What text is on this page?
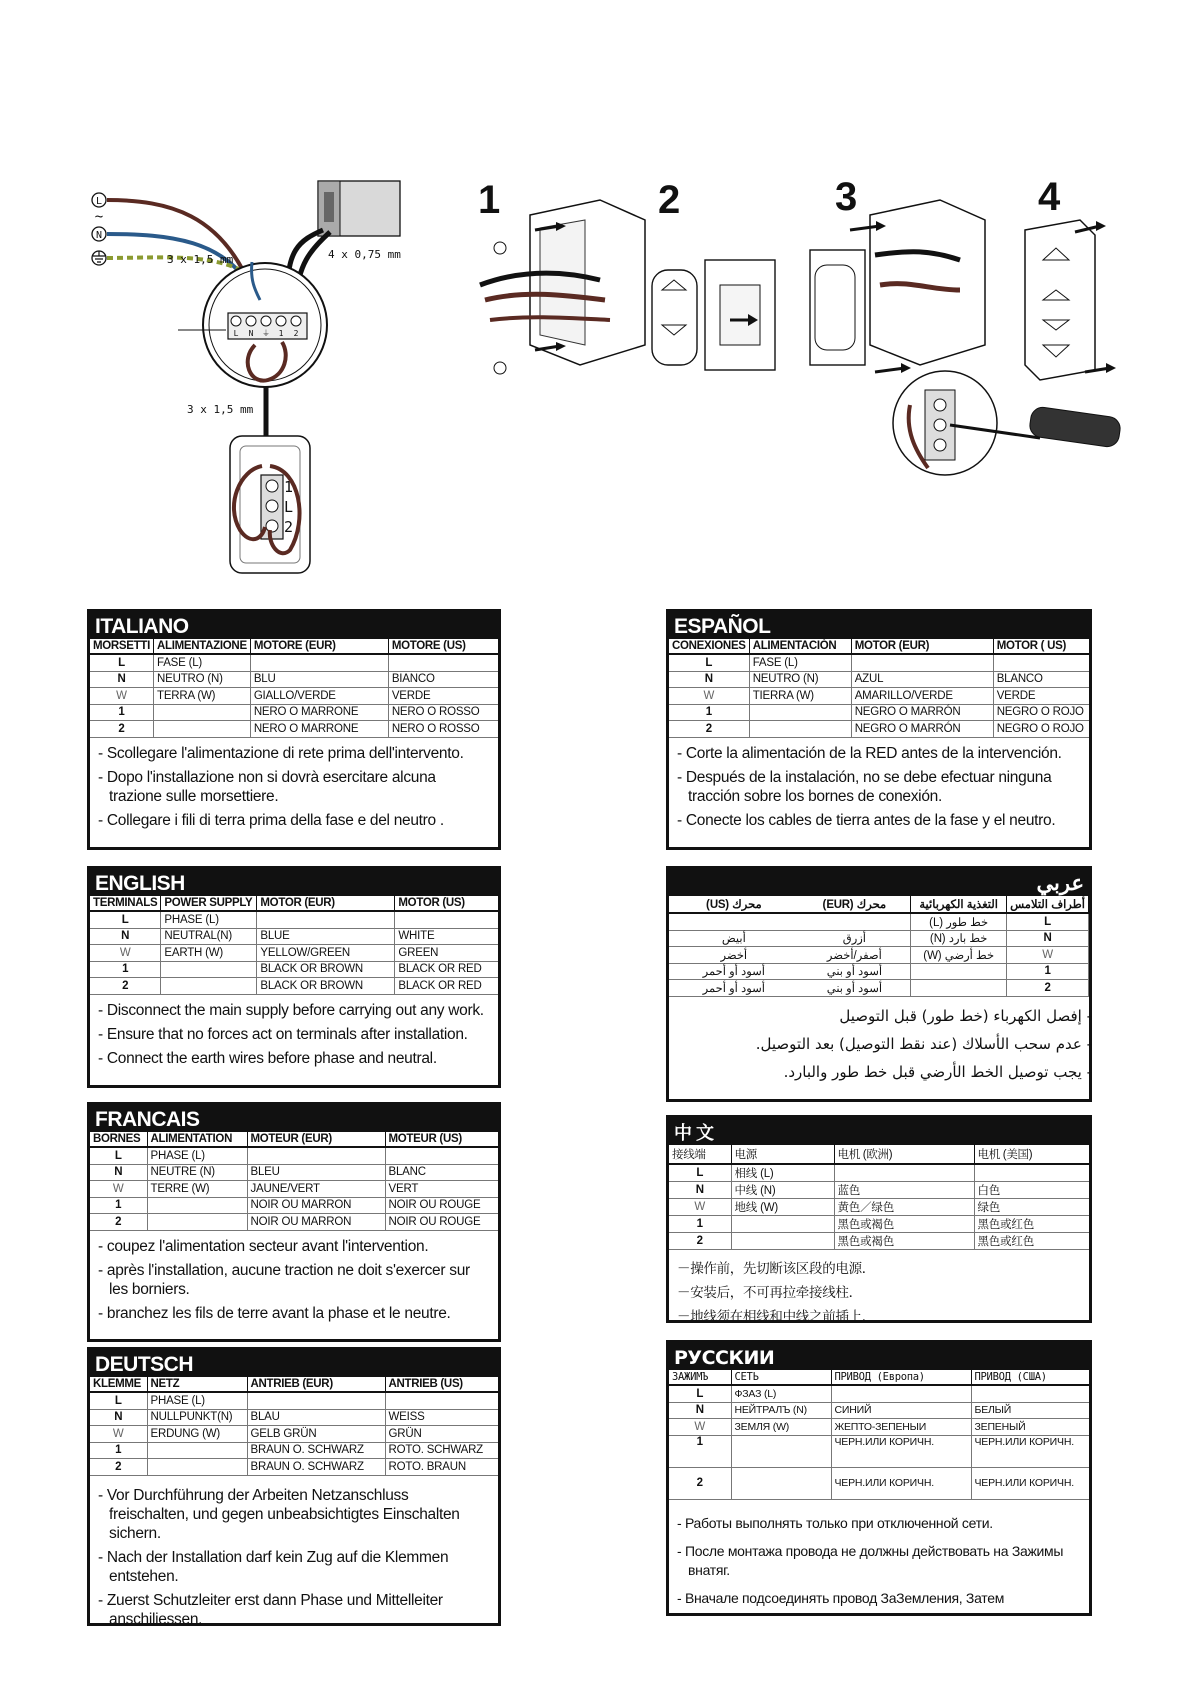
L
~
N
3 x 1,5 mm	4 x 0,75 mm
L N ⏚ 1 2
3 x 1,5 mm
1
L
2
1	2	3	4
ITALIANO
MORSETTI	ALIMENTAZIONE	MOTORE (EUR)	MOTORE (US)
L	FASE (L)		
N	NEUTRO (N)	BLU	BIANCO
W	TERRA (W)	GIALLO/VERDE	VERDE
1		NERO O MARRONE	NERO O ROSSO
2		NERO O MARRONE	NERO O ROSSO
- Scollegare l'alimentazione di rete prima dell'intervento.
- Dopo l'installazione non si dovrà esercitare alcuna trazione sulle morsettiere.
- Collegare i fili di terra prima della fase e del neutro .
ESPAÑOL
CONEXIONES	ALIMENTACIÓN	MOTOR (EUR)	MOTOR ( US)
L	FASE (L)		
N	NEUTRO (N)	AZUL	BLANCO
W	TIERRA (W)	AMARILLO/VERDE	VERDE
1		NEGRO O MARRÓN	NEGRO O ROJO
2		NEGRO O MARRÓN	NEGRO O ROJO
- Corte la alimentación de la RED antes de la intervención.
- Después de la instalación, no se debe efectuar ninguna tracción sobre los bornes de conexión.
- Conecte los cables de tierra antes de la fase y el neutro.
ENGLISH
TERMINALS	POWER SUPPLY	MOTOR (EUR)	MOTOR (US)
L	PHASE (L)		
N	NEUTRAL(N)	BLUE	WHITE
W	EARTH (W)	YELLOW/GREEN	GREEN
1		BLACK OR BROWN	BLACK OR RED
2		BLACK OR BROWN	BLACK OR RED
- Disconnect the main supply before carrying out any work.
- Ensure that no forces act on terminals after installation.
- Connect the earth wires before phase and neutral.
عربي
أطراف التلامس	التغذية الكهربائية	محرك (EUR)	محرك (US)
L	خط طور (L)		
N	خط بارد (N)	أزرق	أبيض
W	خط أرضي (W)	أصفر/أخضر	أخضر
1		أسود أو بني	أسود أو أحمر
2		أسود أو بني	أسود أو أحمر
- إفصل الكهرباء (خط طور) قبل التوصيل
- عدم سحب الأسلاك (عند نقط التوصيل) بعد التوصيل.
- يجب توصيل الخط الأرضي قبل خط طور والبارد.
FRANCAIS
BORNES	ALIMENTATION	MOTEUR (EUR)	MOTEUR (US)
L	PHASE (L)		
N	NEUTRE (N)	BLEU	BLANC
W	TERRE (W)	JAUNE/VERT	VERT
1		NOIR OU MARRON	NOIR OU ROUGE
2		NOIR OU MARRON	NOIR OU ROUGE
- coupez l'alimentation secteur avant l'intervention.
- après l'installation, aucune traction ne doit s'exercer sur les borniers.
- branchez les fils de terre avant la phase et le neutre.
中 文
接线端	电源	电机 (欧洲)	电机 (美国)
L	相线 (L)		
N	中线 (N)	蓝色	白色
W	地线 (W)	黄色／绿色	绿色
1		黑色或褐色	黑色或红色
2		黑色或褐色	黑色或红色
－操作前，先切断该区段的电源．
－安装后，不可再拉牵接线柱．
－地线须在相线和中线之前插上．
DEUTSCH
KLEMME	NETZ	ANTRIEB (EUR)	ANTRIEB (US)
L	PHASE (L)		
N	NULLPUNKT(N)	BLAU	WEISS
W	ERDUNG (W)	GELB GRÜN	GRÜN
1		BRAUN O. SCHWARZ	ROTO. SCHWARZ
2		BRAUN O. SCHWARZ	ROTO. BRAUN
- Vor Durchführung der Arbeiten Netzanschluss freischalten, und gegen unbeabsichtigtes Einschalten sichern.
- Nach der Installation darf kein Zug auf die Klemmen entstehen.
- Zuerst Schutzleiter erst dann Phase und Mittelleiter anschiliessen.
РУССКИИ
ЗАЖИМЪ	СЕТЬ	ПРИВОД (Европа)	ПРИВОД (США)
L	ФЗАЗ (L)		
N	НЕЙТРАЛЪ (N)	СИНИЙ	БЕЛЫЙ
W	ЗЕМЛЯ (W)	ЖЕПТО-ЗЕПЕНЫИ	ЗЕПЕНЫЙ
1		ЧЕРН.ИЛИ КОРИЧН.	ЧЕРН.ИЛИ КОРИЧН.
2		ЧЕРН.ИЛИ КОРИЧН.	ЧЕРН.ИЛИ КОРИЧН.
- Работы выполнять только при отключенной сети.
- После монтажа провода не должны действовать на Зажимы внатяг.
- Вначале подсоединять провод ЗаЗемления, Затем
